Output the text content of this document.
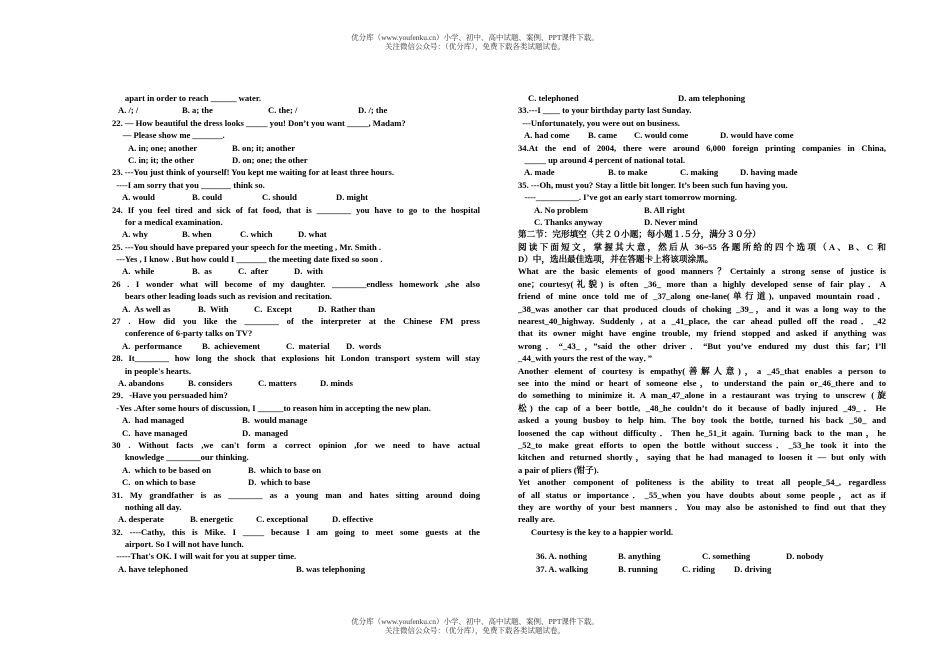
优分库（www.youfenku.cn）小学、初中、高中试题、案例、PPT课件下载。
关注微信公众号：（优分库），免费下载各类试题试卷。
apart in order to reach ______ water.
A. /; /	B. a; the	C. the; /	D. /; the
22. — How beautiful the dress looks _____ you! Don’t you want _____, Madam?
— Please show me _______.
A. in; one; another	B. on; it; another
C. in; it; the other	D. on; one; the other
23. ---You just think of yourself! You kept me waiting for at least three hours.
----I am sorry that you _______ think so.
A. would	B. could	C. should	D. might
24. If you feel tired and sick of fat food, that is ________ you have to go to the hospital
for a medical examination.
A. why	B. when	C. which	D. what
25. ---You should have prepared your speech for the meeting , Mr. Smith .
---Yes , I know . But how could I _______ the meeting date fixed so soon .
A.  while	B.  as	C.  after	D.  with
26 . I wonder what will become of my daughter. ________endless homework ,she also
bears other leading loads such as revision and recitation.
A.  As well as	B.  With	C.  Except	D.  Rather than
27 . How did you like the ________ of the interpreter at the Chinese FM press
conference of 6-party talks on TV?
A.  performance	B.  achievement	C.  material	D.  words
28. It________ how long the shock that explosions hit London transport system will stay
in people's hearts.
A. abandons	B. considers	C. matters	D. minds
29．-Have you persuaded him?
-Yes .After some hours of discussion, I ______to reason him in accepting the new plan.
A.  had managed	B.  would manage
C.  have managed	D.  managed
30 . Without facts ,we can't form a correct opinion ,for we need to have actual
knowledge ________our thinking.
A.  which to be based on	B.  which to base on
C.  on which to base	D.  which to base
31. My grandfather is as ________ as a young man and hates sitting around doing
nothing all day.
A. desperate	B. energetic	C. exceptional	D. effective
32. ----Cathy, this is Mike. I _____ because I am going to meet some guests at the
airport. So I will not have lunch.
-----That's OK. I will wait for you at supper time.
A. have telephoned	B. was telephoning
C. telephoned	D. am telephoning
33.---I ____ to your birthday party last Sunday.
---Unfortunately, you were out on business.
A. had come	B. came	C. would come	D. would have come
34.At the end of 2004, there were around 6,000 foreign printing companies in China,
_____ up around 4 percent of national total.
A. made	B. to make	C. making	D. having made
35. ---Oh, must you? Stay a little bit longer. It’s been such fun having you.
----__________. I’ve got an early start tomorrow morning.
A. No problem	B. All right
C. Thanks anyway	D. Never mind
第二节：完形填空（共２０小题；每小题１.５分，满分３０分）
阅读下面短文，掌握其大意，然后从 36~55 各题所给的四个选项（A、B、C 和
D）中，选出最佳选项，并在答题卡上将该项涂黑。
What are the basic elements of good manners？Certainly a strong sense of justice is
one；courtesy(礼貌) is often _36_ more than a highly developed sense of fair play．A
friend of mine once told me of _37_along one-lane(单行道), unpaved mountain road．
_38_was another car that produced clouds of choking _39_，and it was a long way to the
nearest_40_highway. Suddenly , at a _41_place, the car ahead pulled off the road．_42
that its owner might have engine trouble, my friend stopped and asked if anything was
wrong．“_43_，”said the other driver．“But you’ve endured my dust this far；I’ll
_44_with yours the rest of the way．”
Another element of courtesy is empathy(善解人意)，a _45_that enables a person to
see into the mind or heart of someone else，to understand the pain or_46_there and to
do something to minimize it. A man_47_alone in a restaurant was trying to unscrew (旋
松) the cap of a beer bottle, _48_he couldn’t do it because of badly injured _49_．He
asked a young busboy to help him. The boy took the bottle, turned his back _50_ and
loosened the cap without difficulty．Then he_51_it again. Turning back to the man，he
_52_to make great efforts to open the bottle without success．_53_he took it into the
kitchen and returned shortly，saying that he had managed to loosen it — but only with
a pair of pliers (钳子).
Yet another component of politeness is the ability to treat all people_54_, regardless
of all status or importance．_55_when you have doubts about some people，act as if
they are worthy of your best manners．You may also be astonished to find out that they
really are.
Courtesy is the key to a happier world.
36. A. nothing	B. anything	C. something	D. nobody
37. A. walking	B. running	C. riding	D. driving
优分库（www.youfenku.cn）小学、初中、高中试题、案例、PPT课件下载。
关注微信公众号：（优分库），免费下载各类试题试卷。
